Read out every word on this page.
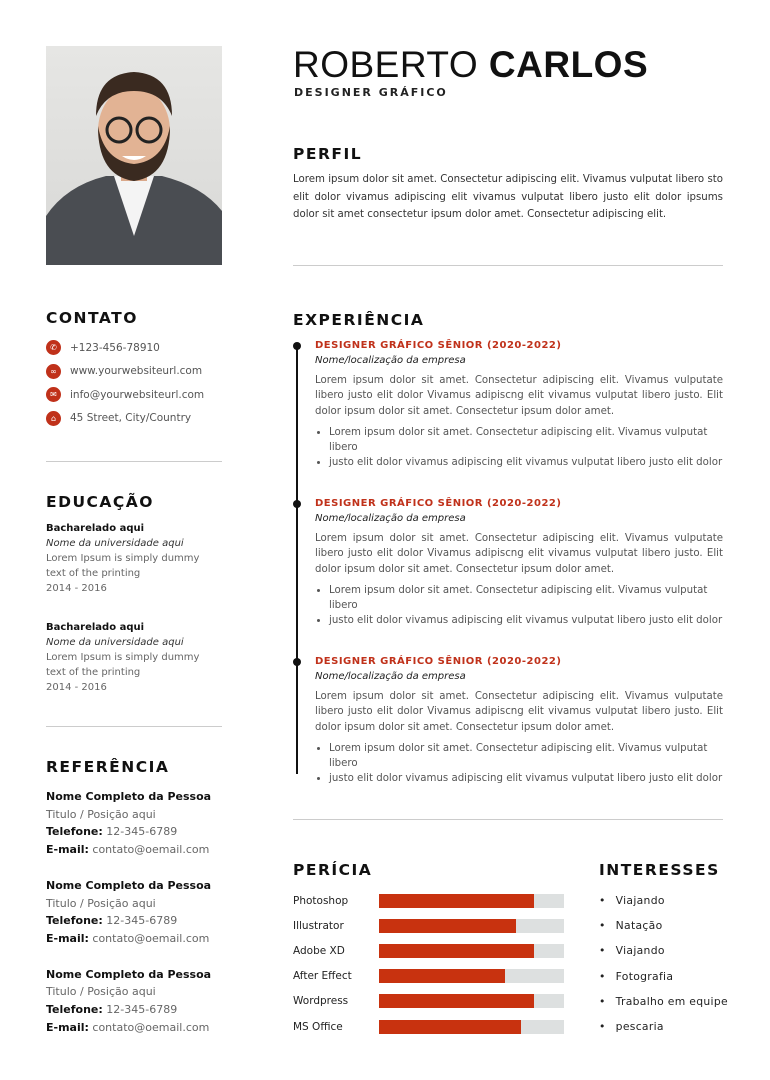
ROBERTO CARLOS
DESIGNER GRÁFICO
PERFIL
Lorem ipsum dolor sit amet. Consectetur adipiscing elit. Vivamus vulputat libero sto elit dolor vivamus adipiscing elit vivamus vulputat libero justo elit dolor ipsums dolor sit amet consectetur ipsum dolor amet. Consectetur adipiscing elit.
CONTATO
✆	+123-456-78910
∞	www.yourwebsiteurl.com
✉	info@yourwebsiteurl.com
⌂	45 Street, City/Country
EDUCAÇÃO
Bacharelado aqui
Nome da universidade aqui
Lorem Ipsum is simply dummy
text of the printing
2014 - 2016
Bacharelado aqui
Nome da universidade aqui
Lorem Ipsum is simply dummy
text of the printing
2014 - 2016
REFERÊNCIA
Nome Completo da Pessoa
Titulo / Posição aqui
Telefone: 12-345-6789
E-mail: contato@oemail.com
Nome Completo da Pessoa
Titulo / Posição aqui
Telefone: 12-345-6789
E-mail: contato@oemail.com
Nome Completo da Pessoa
Titulo / Posição aqui
Telefone: 12-345-6789
E-mail: contato@oemail.com
EXPERIÊNCIA
DESIGNER GRÁFICO SÊNIOR (2020-2022)
Nome/localização da empresa
Lorem ipsum dolor sit amet. Consectetur adipiscing elit. Vivamus vulputate libero justo elit dolor Vivamus adipiscng elit vivamus vulputat libero justo. Elit dolor ipsum dolor sit amet. Consectetur ipsum dolor amet.
• Lorem ipsum dolor sit amet. Consectetur adipiscing elit. Vivamus vulputat libero
• justo elit dolor vivamus adipiscing elit vivamus vulputat libero justo elit dolor
DESIGNER GRÁFICO SÊNIOR (2020-2022)
Nome/localização da empresa
Lorem ipsum dolor sit amet. Consectetur adipiscing elit. Vivamus vulputate libero justo elit dolor Vivamus adipiscng elit vivamus vulputat libero justo. Elit dolor ipsum dolor sit amet. Consectetur ipsum dolor amet.
• Lorem ipsum dolor sit amet. Consectetur adipiscing elit. Vivamus vulputat libero
• justo elit dolor vivamus adipiscing elit vivamus vulputat libero justo elit dolor
DESIGNER GRÁFICO SÊNIOR (2020-2022)
Nome/localização da empresa
Lorem ipsum dolor sit amet. Consectetur adipiscing elit. Vivamus vulputate libero justo elit dolor Vivamus adipiscng elit vivamus vulputat libero justo. Elit dolor ipsum dolor sit amet. Consectetur ipsum dolor amet.
• Lorem ipsum dolor sit amet. Consectetur adipiscing elit. Vivamus vulputat libero
• justo elit dolor vivamus adipiscing elit vivamus vulputat libero justo elit dolor
PERÍCIA
Photoshop
Illustrator
Adobe XD
After Effect
Wordpress
MS Office
INTERESSES
• Viajando
• Natação
• Viajando
• Fotografia
• Trabalho em equipe
• pescaria
